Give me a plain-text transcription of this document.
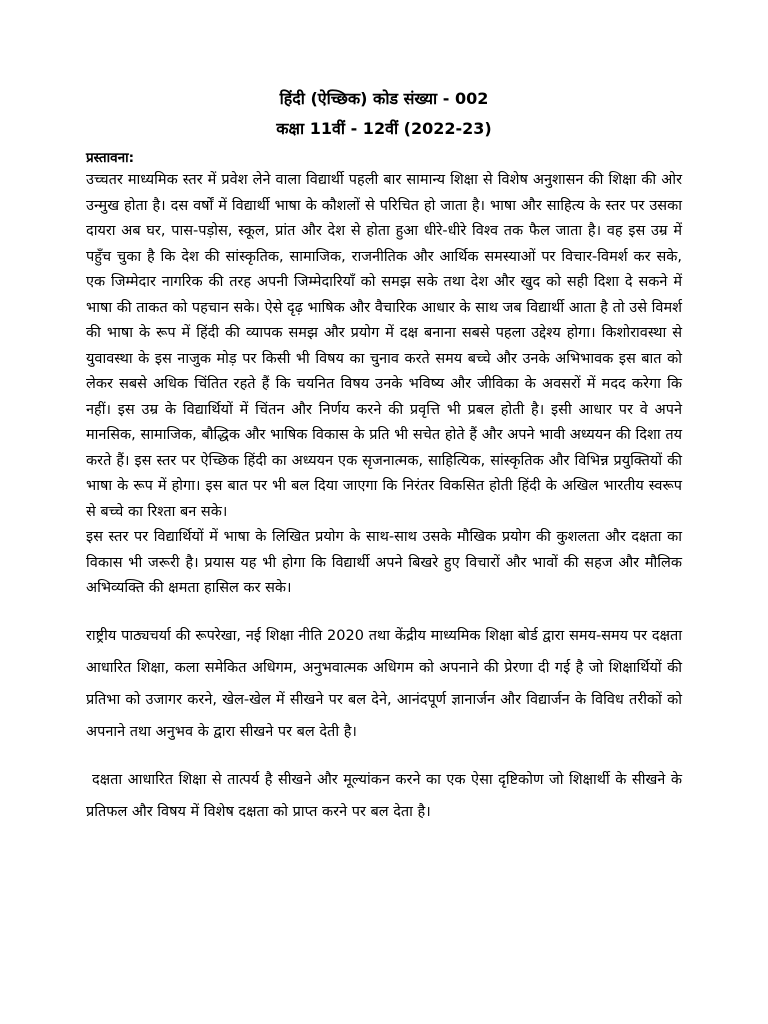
हिंदी (ऐच्छिक) कोड संख्या - 002

कक्षा 11वीं - 12वीं (2022-23)

प्रस्तावना:

उच्चतर माध्यमिक स्तर में प्रवेश लेने वाला विद्यार्थी पहली बार सामान्य शिक्षा से विशेष अनुशासन की शिक्षा की ओर उन्मुख होता है। दस वर्षों में विद्यार्थी भाषा के कौशलों से परिचित हो जाता है। भाषा और साहित्य के स्तर पर उसका दायरा अब घर, पास-पड़ोस, स्कूल, प्रांत और देश से होता हुआ धीरे-धीरे विश्व तक फैल जाता है। वह इस उम्र में पहुँच चुका है कि देश की सांस्कृतिक, सामाजिक, राजनीतिक और आर्थिक समस्याओं पर विचार-विमर्श कर सके, एक जिम्मेदार नागरिक की तरह अपनी जिम्मेदारियाँ को समझ सके तथा देश और खुद को सही दिशा दे सकने में भाषा की ताकत को पहचान सके। ऐसे दृढ़ भाषिक और वैचारिक आधार के साथ जब विद्यार्थी आता है तो उसे विमर्श की भाषा के रूप में हिंदी की व्यापक समझ और प्रयोग में दक्ष बनाना सबसे पहला उद्देश्य होगा। किशोरावस्था से युवावस्था के इस नाजुक मोड़ पर किसी भी विषय का चुनाव करते समय बच्चे और उनके अभिभावक इस बात को लेकर सबसे अधिक चिंतित रहते हैं कि चयनित विषय उनके भविष्य और जीविका के अवसरों में मदद करेगा कि नहीं। इस उम्र के विद्यार्थियों में चिंतन और निर्णय करने की प्रवृत्ति भी प्रबल होती है। इसी आधार पर वे अपने मानसिक, सामाजिक, बौद्धिक और भाषिक विकास के प्रति भी सचेत होते हैं और अपने भावी अध्ययन की दिशा तय करते हैं। इस स्तर पर ऐच्छिक हिंदी का अध्ययन एक सृजनात्मक, साहित्यिक, सांस्कृतिक और विभिन्न प्रयुक्तियों की भाषा के रूप में होगा। इस बात पर भी बल दिया जाएगा कि निरंतर विकसित होती हिंदी के अखिल भारतीय स्वरूप से बच्चे का रिश्ता बन सके।

इस स्तर पर विद्यार्थियों में भाषा के लिखित प्रयोग के साथ-साथ उसके मौखिक प्रयोग की कुशलता और दक्षता का विकास भी जरूरी है। प्रयास यह भी होगा कि विद्यार्थी अपने बिखरे हुए विचारों और भावों की सहज और मौलिक अभिव्यक्ति की क्षमता हासिल कर सके।

राष्ट्रीय पाठ्यचर्या की रूपरेखा, नई शिक्षा नीति 2020 तथा केंद्रीय माध्यमिक शिक्षा बोर्ड द्वारा समय-समय पर दक्षता आधारित शिक्षा, कला समेकित अधिगम, अनुभवात्मक अधिगम को अपनाने की प्रेरणा दी गई है जो शिक्षार्थियों की प्रतिभा को उजागर करने, खेल-खेल में सीखने पर बल देने, आनंदपूर्ण ज्ञानार्जन और विद्यार्जन के विविध तरीकों को अपनाने तथा अनुभव के द्वारा सीखने पर बल देती है।

दक्षता आधारित शिक्षा से तात्पर्य है सीखने और मूल्यांकन करने का एक ऐसा दृष्टिकोण जो शिक्षार्थी के सीखने के प्रतिफल और विषय में विशेष दक्षता को प्राप्त करने पर बल देता है।
